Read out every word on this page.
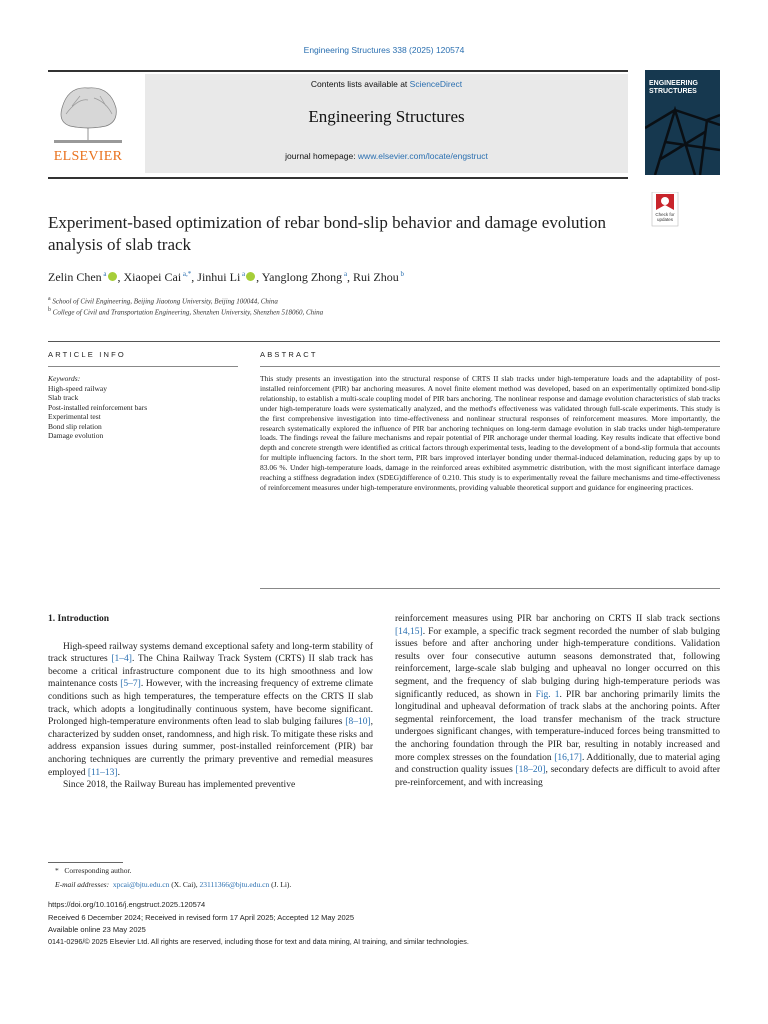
Engineering Structures 338 (2025) 120574
ELSEVIER
Contents lists available at ScienceDirect
Engineering Structures
journal homepage: www.elsevier.com/locate/engstruct
ENGINEERING
STRUCTURES
Check for
updates
Experiment-based optimization of rebar bond-slip behavior and damage evolution analysis of slab track
Zelin Chen $^a$ , Xiaopei Cai $^{a,*}$, Jinhui Li $^a$ , Yanglong Zhong $^a$, Rui Zhou $^b$
$^a$ School of Civil Engineering, Beijing Jiaotong University, Beijing 100044, China
$^b$ College of Civil and Transportation Engineering, Shenzhen University, Shenzhen 518060, China
ARTICLE INFO	ABSTRACT
Keywords:
High-speed railway
Slab track
Post-installed reinforcement bars
Experimental test
Bond slip relation
Damage evolution
This study presents an investigation into the structural response of CRTS II slab tracks under high-temperature loads and the adaptability of post-installed reinforcement (PIR) bar anchoring measures. A novel finite element method was developed, based on an experimentally optimized bond-slip relationship, to establish a multi-scale coupling model of PIR bars anchoring. The nonlinear response and damage evolution characteristics of slab tracks under high-temperature loads were systematically analyzed, and the method's effectiveness was validated through full-scale experiments. This study is the first comprehensive investigation into time-effectiveness and nonlinear structural responses of reinforcement measures. More importantly, the research systematically explored the influence of PIR bar anchoring techniques on long-term damage evolution in slab tracks under high-temperature loads. The findings reveal the failure mechanisms and repair potential of PIR anchorage under thermal loading. Key results indicate that effective bond depth and concrete strength were identified as critical factors through experimental tests, leading to the development of a bond-slip formula that accounts for multiple influencing factors. In the short term, PIR bars improved interlayer bonding under thermal-induced delamination, reducing gaps by up to 83.06 %. Under high-temperature loads, damage in the reinforced areas exhibited asymmetric distribution, with the most significant interface damage reaching a stiffness degradation index (SDEG)difference of 0.210. This study is to experimentally reveal the failure mechanisms and time-effectiveness of reinforcement measures under high-temperature environments, providing valuable theoretical support and guidance for engineering practices.
1. Introduction

High-speed railway systems demand exceptional safety and long-term stability of track structures [1–4]. The China Railway Track System (CRTS) II slab track has become a critical infrastructure component due to its high smoothness and low maintenance costs [5–7]. However, with the increasing frequency of extreme climate conditions such as high temperatures, the temperature effects on the CRTS II slab track, which adopts a longitudinally continuous system, have become significant. Prolonged high-temperature environments often lead to slab bulging failures [8–10], characterized by sudden onset, randomness, and high risk. To mitigate these risks and address expansion issues during summer, post-installed reinforcement (PIR) bar anchoring techniques are currently the primary preventive and remedial measures employed [11–13].

Since 2018, the Railway Bureau has implemented preventive

reinforcement measures using PIR bar anchoring on CRTS II slab track sections [14,15]. For example, a specific track segment recorded the number of slab bulging issues before and after anchoring under high-temperature conditions. Validation results over four consecutive autumn seasons demonstrated that, following reinforcement, large-scale slab bulging and upheaval no longer occurred on this segment, and the frequency of slab bulging during high-temperature periods was significantly reduced, as shown in Fig. 1. PIR bar anchoring primarily limits the longitudinal and upheaval deformation of track slabs at the anchoring points. After segmental reinforcement, the load transfer mechanism of the track structure undergoes significant changes, with temperature-induced forces being transmitted to the anchoring foundation through the PIR bar, resulting in notably increased and more complex stresses on the foundation [16,17]. Additionally, due to material aging and construction quality issues [18–20], secondary defects are difficult to avoid after pre-reinforcement, and with increasing

* Corresponding author.
E-mail addresses: xpcai@bjtu.edu.cn (X. Cai), 23111366@bjtu.edu.cn (J. Li).
https://doi.org/10.1016/j.engstruct.2025.120574
Received 6 December 2024; Received in revised form 17 April 2025; Accepted 12 May 2025
Available online 23 May 2025
0141-0296/© 2025 Elsevier Ltd. All rights are reserved, including those for text and data mining, AI training, and similar technologies.
